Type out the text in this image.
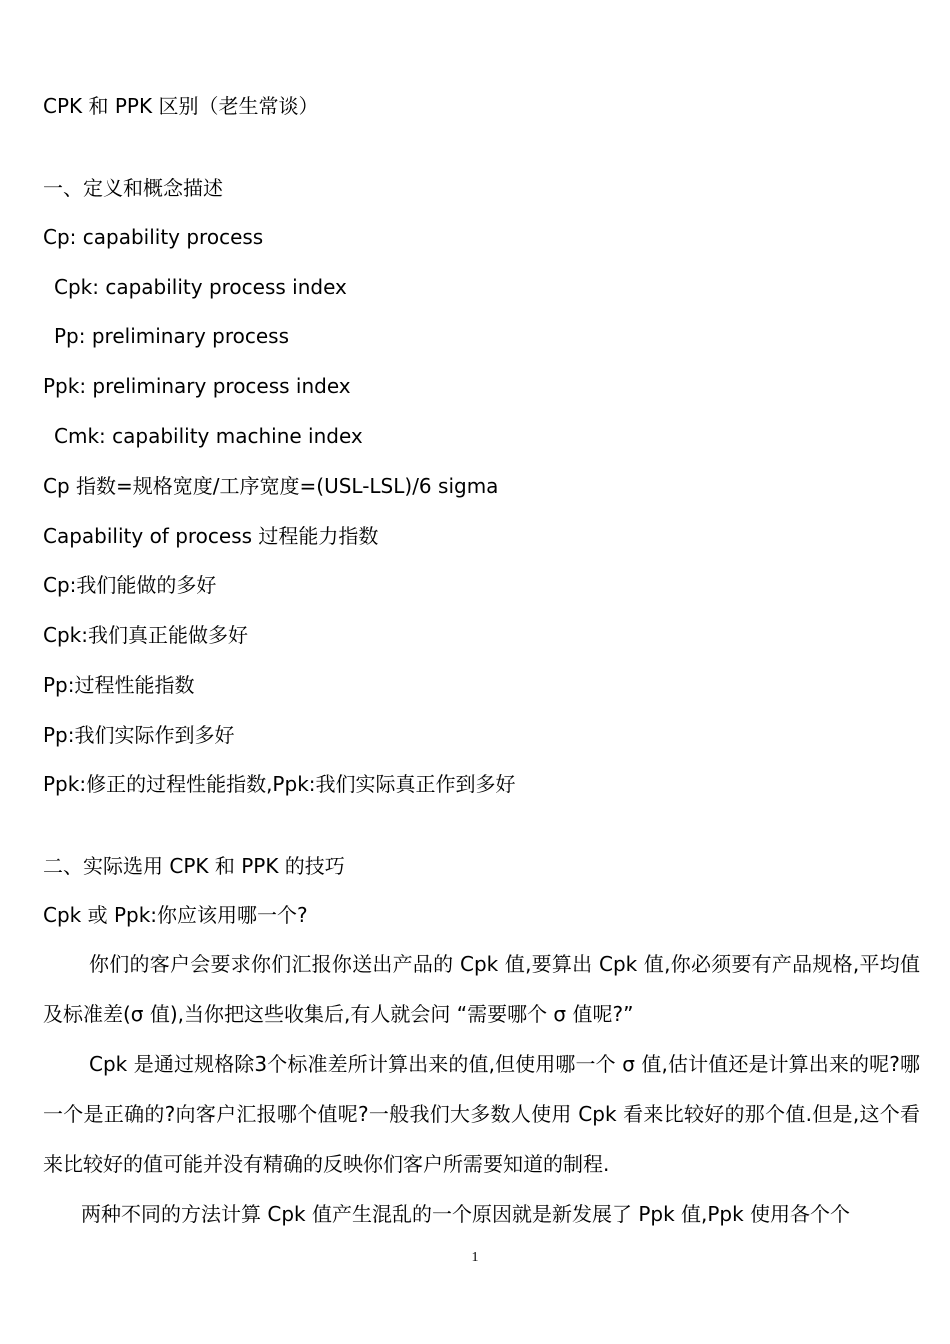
CPK 和 PPK 区别（老生常谈）
一、定义和概念描述
Cp: capability process
Cpk: capability process index
Pp: preliminary process
Ppk: preliminary process index
Cmk: capability machine index
Cp 指数=规格宽度/工序宽度=(USL-LSL)/6 sigma
Capability of process 过程能力指数
Cp:我们能做的多好
Cpk:我们真正能做多好
Pp:过程性能指数
Pp:我们实际作到多好
Ppk:修正的过程性能指数,Ppk:我们实际真正作到多好
二、实际选用 CPK 和 PPK 的技巧
Cpk 或 Ppk:你应该用哪一个?
你们的客户会要求你们汇报你送出产品的 Cpk 值,要算出 Cpk 值,你必须要有产品规格,平均值及标准差(σ 值),当你把这些收集后,有人就会问 “需要哪个 σ 值呢?”
Cpk 是通过规格除3个标准差所计算出来的值,但使用哪一个 σ 值,估计值还是计算出来的呢?哪一个是正确的?向客户汇报哪个值呢?一般我们大多数人使用 Cpk 看来比较好的那个值.但是,这个看来比较好的值可能并没有精确的反映你们客户所需要知道的制程.
两种不同的方法计算 Cpk 值产生混乱的一个原因就是新发展了 Ppk 值,Ppk 使用各个个
1
